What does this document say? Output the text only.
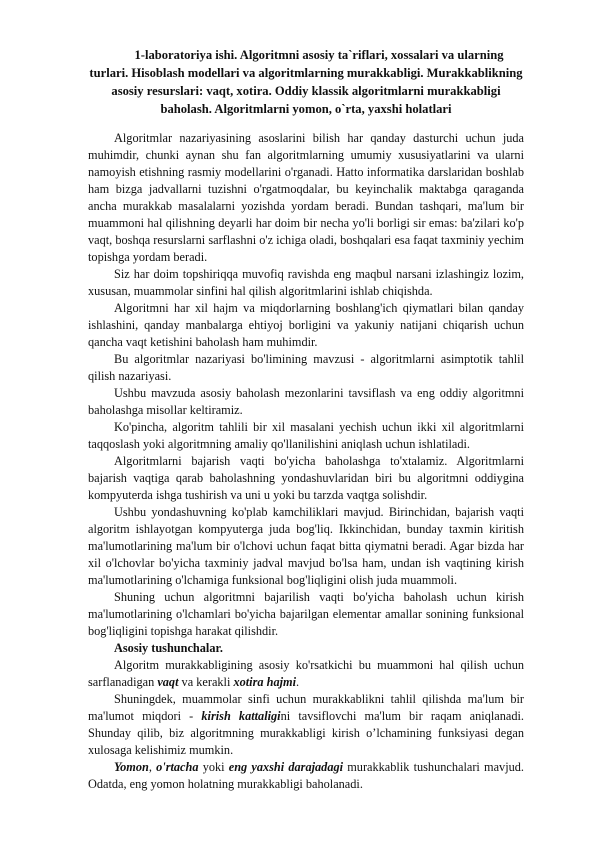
1-laboratoriya ishi. Algoritmni asosiy ta`riflari, xossalari va ularning turlari. Hisoblash modellari va algoritmlarning murakkabligi. Murakkablikning asosiy resurslari: vaqt, xotira. Oddiy klassik algoritmlarni murakkabligi baholash. Algoritmlarni yomon, o`rta, yaxshi holatlari

Algoritmlar nazariyasining asoslarini bilish har qanday dasturchi uchun juda muhimdir, chunki aynan shu fan algoritmlarning umumiy xususiyatlarini va ularni namoyish etishning rasmiy modellarini o'rganadi. Hatto informatika darslaridan boshlab ham bizga jadvallarni tuzishni o'rgatmoqdalar, bu keyinchalik maktabga qaraganda ancha murakkab masalalarni yozishda yordam beradi. Bundan tashqari, ma'lum bir muammoni hal qilishning deyarli har doim bir necha yo'li borligi sir emas: ba'zilari ko'p vaqt, boshqa resurslarni sarflashni o'z ichiga oladi, boshqalari esa faqat taxminiy yechim topishga yordam beradi.

Siz har doim topshiriqqa muvofiq ravishda eng maqbul narsani izlashingiz lozim, xususan, muammolar sinfini hal qilish algoritmlarini ishlab chiqishda.

Algoritmni har xil hajm va miqdorlarning boshlang'ich qiymatlari bilan qanday ishlashini, qanday manbalarga ehtiyoj borligini va yakuniy natijani chiqarish uchun qancha vaqt ketishini baholash ham muhimdir.

Bu algoritmlar nazariyasi bo'limining mavzusi - algoritmlarni asimptotik tahlil qilish nazariyasi.

Ushbu mavzuda asosiy baholash mezonlarini tavsiflash va eng oddiy algoritmni baholashga misollar keltiramiz.

Ko'pincha, algoritm tahlili bir xil masalani yechish uchun ikki xil algoritmlarni taqqoslash yoki algoritmning amaliy qo'llanilishini aniqlash uchun ishlatiladi.

Algoritmlarni bajarish vaqti bo'yicha baholashga to'xtalamiz. Algoritmlarni bajarish vaqtiga qarab baholashning yondashuvlaridan biri bu algoritmni oddiygina kompyuterda ishga tushirish va uni u yoki bu tarzda vaqtga solishdir.

Ushbu yondashuvning ko'plab kamchiliklari mavjud. Birinchidan, bajarish vaqti algoritm ishlayotgan kompyuterga juda bog'liq. Ikkinchidan, bunday taxmin kiritish ma'lumotlarining ma'lum bir o'lchovi uchun faqat bitta qiymatni beradi. Agar bizda har xil o'lchovlar bo'yicha taxminiy jadval mavjud bo'lsa ham, undan ish vaqtining kirish ma'lumotlarining o'lchamiga funksional bog'liqligini olish juda muammoli.

Shuning uchun algoritmni bajarilish vaqti bo'yicha baholash uchun kirish ma'lumotlarining o'lchamlari bo'yicha bajarilgan elementar amallar sonining funksional bog'liqligini topishga harakat qilishdir.

Asosiy tushunchalar.

Algoritm murakkabligining asosiy ko'rsatkichi bu muammoni hal qilish uchun sarflanadigan vaqt va kerakli xotira hajmi.

Shuningdek, muammolar sinfi uchun murakkablikni tahlil qilishda ma'lum bir ma'lumot miqdori - kirish kattaligini tavsiflovchi ma'lum bir raqam aniqlanadi. Shunday qilib, biz algoritmning murakkabligi kirish o’lchamining funksiyasi degan xulosaga kelishimiz mumkin.

Yomon, o'rtacha yoki eng yaxshi darajadagi murakkablik tushunchalari mavjud. Odatda, eng yomon holatning murakkabligi baholanadi.
